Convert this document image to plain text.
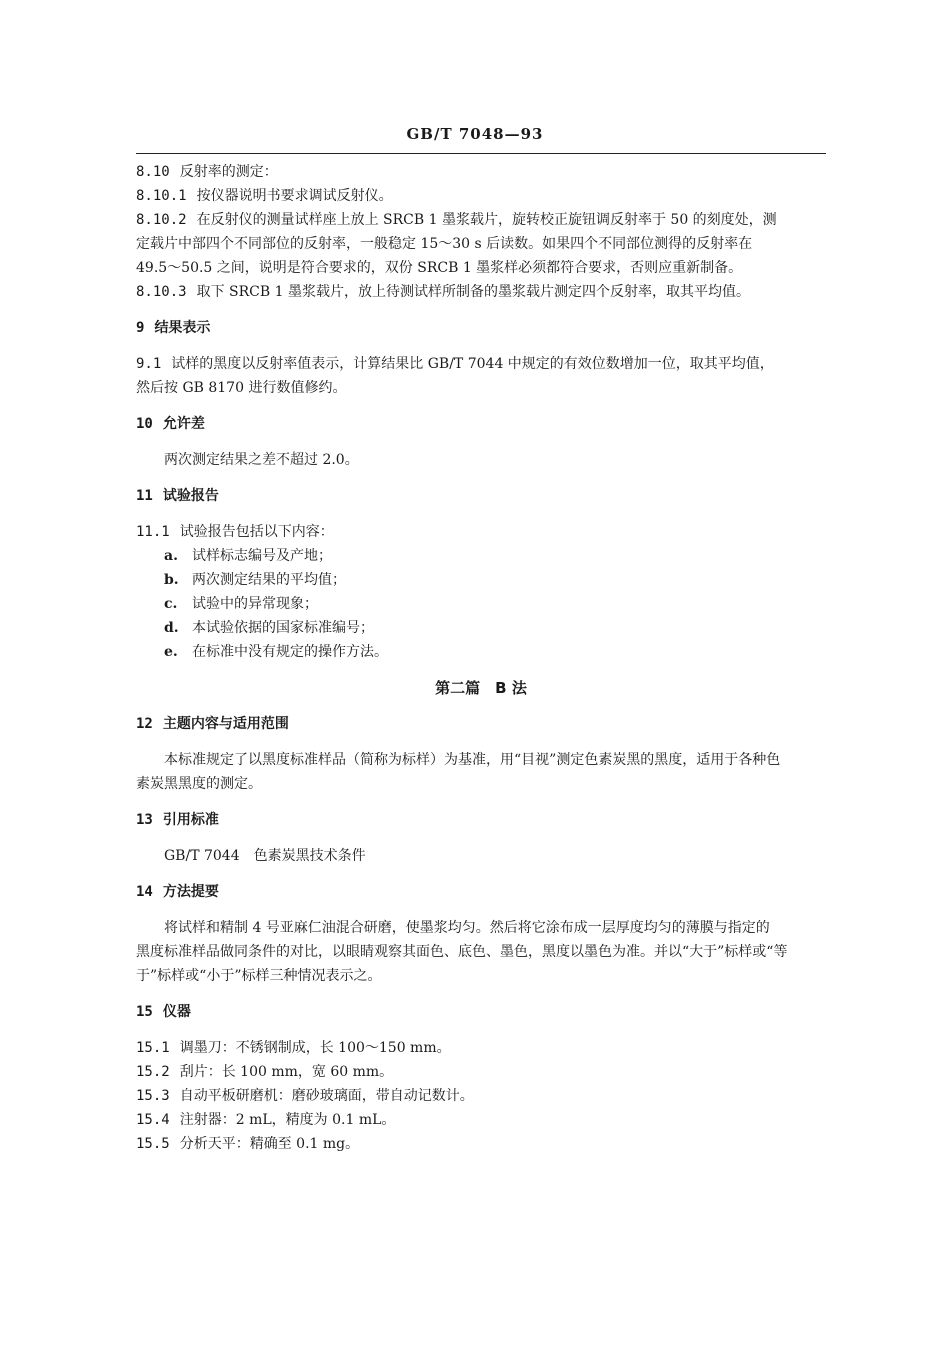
GB/T 7048—93

8.10 反射率的测定：

8.10.1 按仪器说明书要求调试反射仪。

8.10.2 在反射仪的测量试样座上放上 SRCB 1 墨浆载片，旋转校正旋钮调反射率于 50 的刻度处，测

定载片中部四个不同部位的反射率，一般稳定 15～30 s 后读数。如果四个不同部位测得的反射率在

49.5～50.5 之间，说明是符合要求的，双份 SRCB 1 墨浆样必须都符合要求，否则应重新制备。

8.10.3 取下 SRCB 1 墨浆载片，放上待测试样所制备的墨浆载片测定四个反射率，取其平均值。

9 结果表示

9.1 试样的黑度以反射率值表示，计算结果比 GB/T 7044 中规定的有效位数增加一位，取其平均值，

然后按 GB 8170 进行数值修约。

10 允许差

两次测定结果之差不超过 2.0。

11 试验报告

11.1 试验报告包括以下内容：

a. 试样标志编号及产地；

b. 两次测定结果的平均值；

c. 试验中的异常现象；

d. 本试验依据的国家标准编号；

e. 在标准中没有规定的操作方法。

第二篇　B 法

12 主题内容与适用范围

本标准规定了以黑度标准样品（简称为标样）为基准，用“目视”测定色素炭黑的黑度，适用于各种色

素炭黑黑度的测定。

13 引用标准

GB/T 7044　色素炭黑技术条件

14 方法提要

将试样和精制 4 号亚麻仁油混合研磨，使墨浆均匀。然后将它涂布成一层厚度均匀的薄膜与指定的

黑度标准样品做同条件的对比，以眼睛观察其面色、底色、墨色，黑度以墨色为准。并以“大于”标样或“等

于”标样或“小于”标样三种情况表示之。

15 仪器

15.1 调墨刀：不锈钢制成，长 100～150 mm。

15.2 刮片：长 100 mm，宽 60 mm。

15.3 自动平板研磨机：磨砂玻璃面，带自动记数计。

15.4 注射器：2 mL，精度为 0.1 mL。

15.5 分析天平：精确至 0.1 mg。
